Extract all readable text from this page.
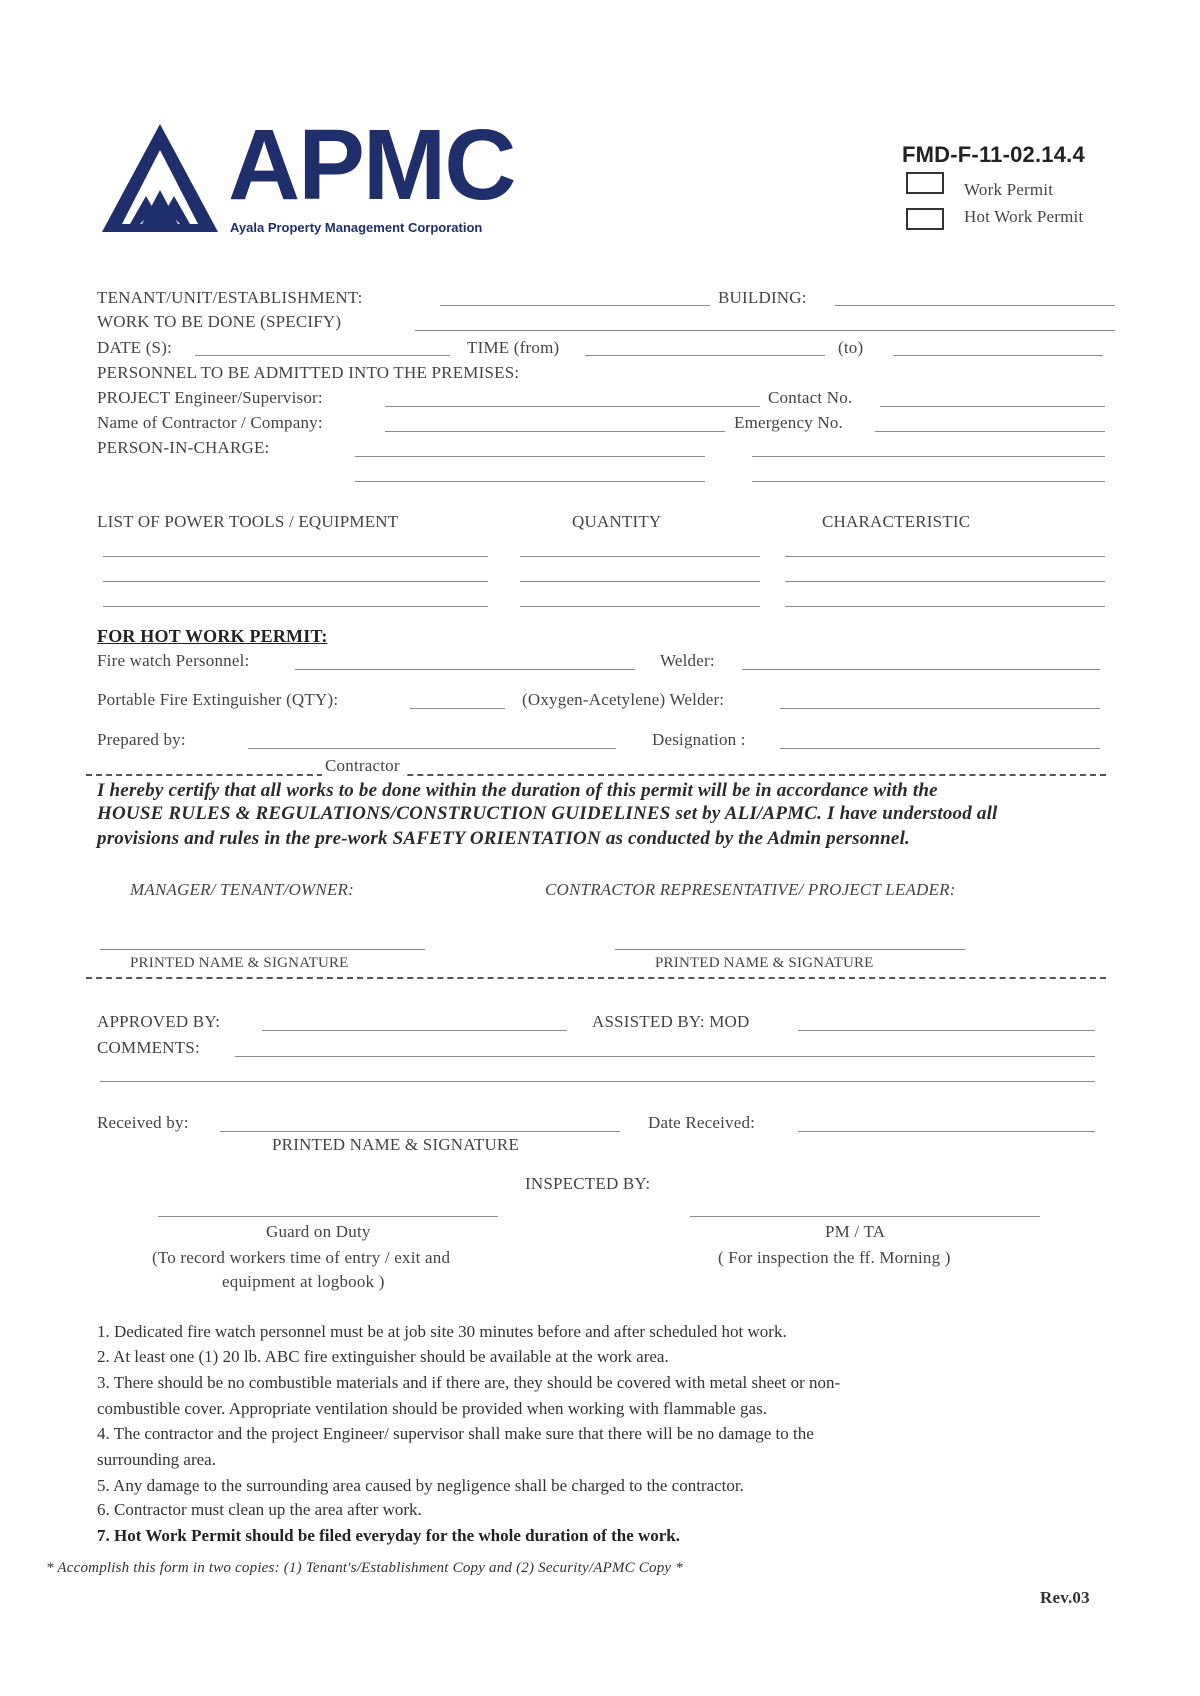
APMC
Ayala Property Management Corporation
FMD-F-11-02.14.4
Work Permit
Hot Work Permit
TENANT/UNIT/ESTABLISHMENT:	BUILDING:
WORK TO BE DONE (SPECIFY)
DATE (S):	TIME (from)	(to)
PERSONNEL TO BE ADMITTED INTO THE PREMISES:
PROJECT Engineer/Supervisor:	Contact No.
Name of Contractor / Company:	Emergency No.
PERSON-IN-CHARGE:
LIST OF POWER TOOLS / EQUIPMENT	QUANTITY	CHARACTERISTIC
FOR HOT WORK PERMIT:
Fire watch Personnel:	Welder:
Portable Fire Extinguisher (QTY):	(Oxygen-Acetylene) Welder:
Prepared by:	Designation :
Contractor
I hereby certify that all works to be done within the duration of this permit will be in accordance with the
HOUSE RULES & REGULATIONS/CONSTRUCTION GUIDELINES set by ALI/APMC. I have understood all
provisions and rules in the pre-work SAFETY ORIENTATION as conducted by the Admin personnel.
MANAGER/ TENANT/OWNER:	CONTRACTOR REPRESENTATIVE/ PROJECT LEADER:
PRINTED NAME & SIGNATURE	PRINTED NAME & SIGNATURE
APPROVED BY:	ASSISTED BY: MOD
COMMENTS:
Received by:	Date Received:
PRINTED NAME & SIGNATURE
INSPECTED BY:
Guard on Duty
(To record workers time of entry / exit and
equipment at logbook )
PM / TA
( For inspection the ff. Morning )
1. Dedicated fire watch personnel must be at job site 30 minutes before and after scheduled hot work.
2. At least one (1) 20 lb. ABC fire extinguisher should be available at the work area.
3. There should be no combustible materials and if there are, they should be covered with metal sheet or non-
combustible cover. Appropriate ventilation should be provided when working with flammable gas.
4. The contractor and the project Engineer/ supervisor shall make sure that there will be no damage to the
surrounding area.
5. Any damage to the surrounding area caused by negligence shall be charged to the contractor.
6. Contractor must clean up the area after work.
7. Hot Work Permit should be filed everyday for the whole duration of the work.
* Accomplish this form in two copies: (1) Tenant's/Establishment Copy and (2) Security/APMC Copy *
Rev.03
